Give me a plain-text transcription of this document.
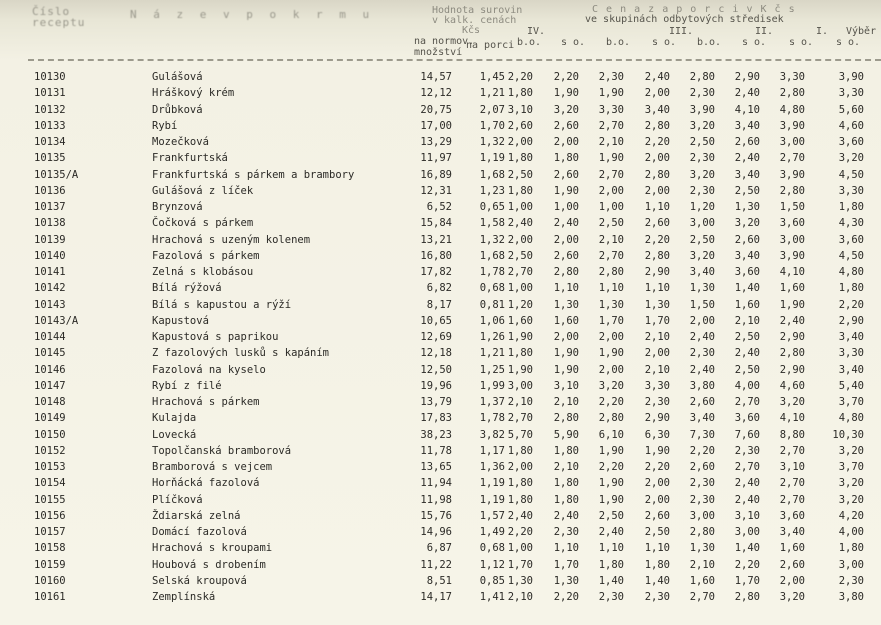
Číslo
receptu
N á z e v p o k r m u	Hodnota surovin
v kalk. cenách
Kčs
na normov.
množství
na porci
C e n a z a p o r c i v K č s
ve skupinách odbytových středisek
IV.	III.	II.	I. Výběr
b.o. s o. b.o. s o. b.o. s o. s o. s o.
10130	Gulášová	14,57	1,45 2,20 2,20 2,30 2,40 2,80 2,90 3,30	3,90
10131	Hráškový krém	12,12	1,21 1,80 1,90 1,90 2,00 2,30 2,40 2,80	3,30
10132	Drůbková	20,75	2,07 3,10 3,20 3,30 3,40 3,90 4,10 4,80	5,60
10133	Rybí	17,00	1,70 2,60 2,60 2,70 2,80 3,20 3,40 3,90	4,60
10134	Mozečková	13,29	1,32 2,00 2,00 2,10 2,20 2,50 2,60 3,00	3,60
10135	Frankfurtská	11,97	1,19 1,80 1,80 1,90 2,00 2,30 2,40 2,70	3,20
10135/A	Frankfurtská s párkem a brambory	16,89	1,68 2,50 2,60 2,70 2,80 3,20 3,40 3,90	4,50
10136	Gulášová z líček	12,31	1,23 1,80 1,90 2,00 2,00 2,30 2,50 2,80	3,30
10137	Brynzová	6,52	0,65 1,00 1,00 1,00 1,10 1,20 1,30 1,50	1,80
10138	Čočková s párkem	15,84	1,58 2,40 2,40 2,50 2,60 3,00 3,20 3,60	4,30
10139	Hrachová s uzeným kolenem	13,21	1,32 2,00 2,00 2,10 2,20 2,50 2,60 3,00	3,60
10140	Fazolová s párkem	16,80	1,68 2,50 2,60 2,70 2,80 3,20 3,40 3,90	4,50
10141	Zelná s klobásou	17,82	1,78 2,70 2,80 2,80 2,90 3,40 3,60 4,10	4,80
10142	Bílá rýžová	6,82	0,68 1,00 1,10 1,10 1,10 1,30 1,40 1,60	1,80
10143	Bílá s kapustou a rýží	8,17	0,81 1,20 1,30 1,30 1,30 1,50 1,60 1,90	2,20
10143/A	Kapustová	10,65	1,06 1,60 1,60 1,70 1,70 2,00 2,10 2,40	2,90
10144	Kapustová s paprikou	12,69	1,26 1,90 2,00 2,00 2,10 2,40 2,50 2,90	3,40
10145	Z fazolových lusků s kapáním	12,18	1,21 1,80 1,90 1,90 2,00 2,30 2,40 2,80	3,30
10146	Fazolová na kyselo	12,50	1,25 1,90 1,90 2,00 2,10 2,40 2,50 2,90	3,40
10147	Rybí z filé	19,96	1,99 3,00 3,10 3,20 3,30 3,80 4,00 4,60	5,40
10148	Hrachová s párkem	13,79	1,37 2,10 2,10 2,20 2,30 2,60 2,70 3,20	3,70
10149	Kulajda	17,83	1,78 2,70 2,80 2,80 2,90 3,40 3,60 4,10	4,80
10150	Lovecká	38,23	3,82 5,70 5,90 6,10 6,30 7,30 7,60 8,80	10,30
10152	Topolčanská bramborová	11,78	1,17 1,80 1,80 1,90 1,90 2,20 2,30 2,70	3,20
10153	Bramborová s vejcem	13,65	1,36 2,00 2,10 2,20 2,20 2,60 2,70 3,10	3,70
10154	Horňácká fazolová	11,94	1,19 1,80 1,80 1,90 2,00 2,30 2,40 2,70	3,20
10155	Plíčková	11,98	1,19 1,80 1,80 1,90 2,00 2,30 2,40 2,70	3,20
10156	Ždiarská zelná	15,76	1,57 2,40 2,40 2,50 2,60 3,00 3,10 3,60	4,20
10157	Domácí fazolová	14,96	1,49 2,20 2,30 2,40 2,50 2,80 3,00 3,40	4,00
10158	Hrachová s kroupami	6,87	0,68 1,00 1,10 1,10 1,10 1,30 1,40 1,60	1,80
10159	Houbová s drobením	11,22	1,12 1,70 1,70 1,80 1,80 2,10 2,20 2,60	3,00
10160	Selská kroupová	8,51	0,85 1,30 1,30 1,40 1,40 1,60 1,70 2,00	2,30
10161	Zemplínská	14,17	1,41 2,10 2,20 2,30 2,30 2,70 2,80 3,20	3,80
